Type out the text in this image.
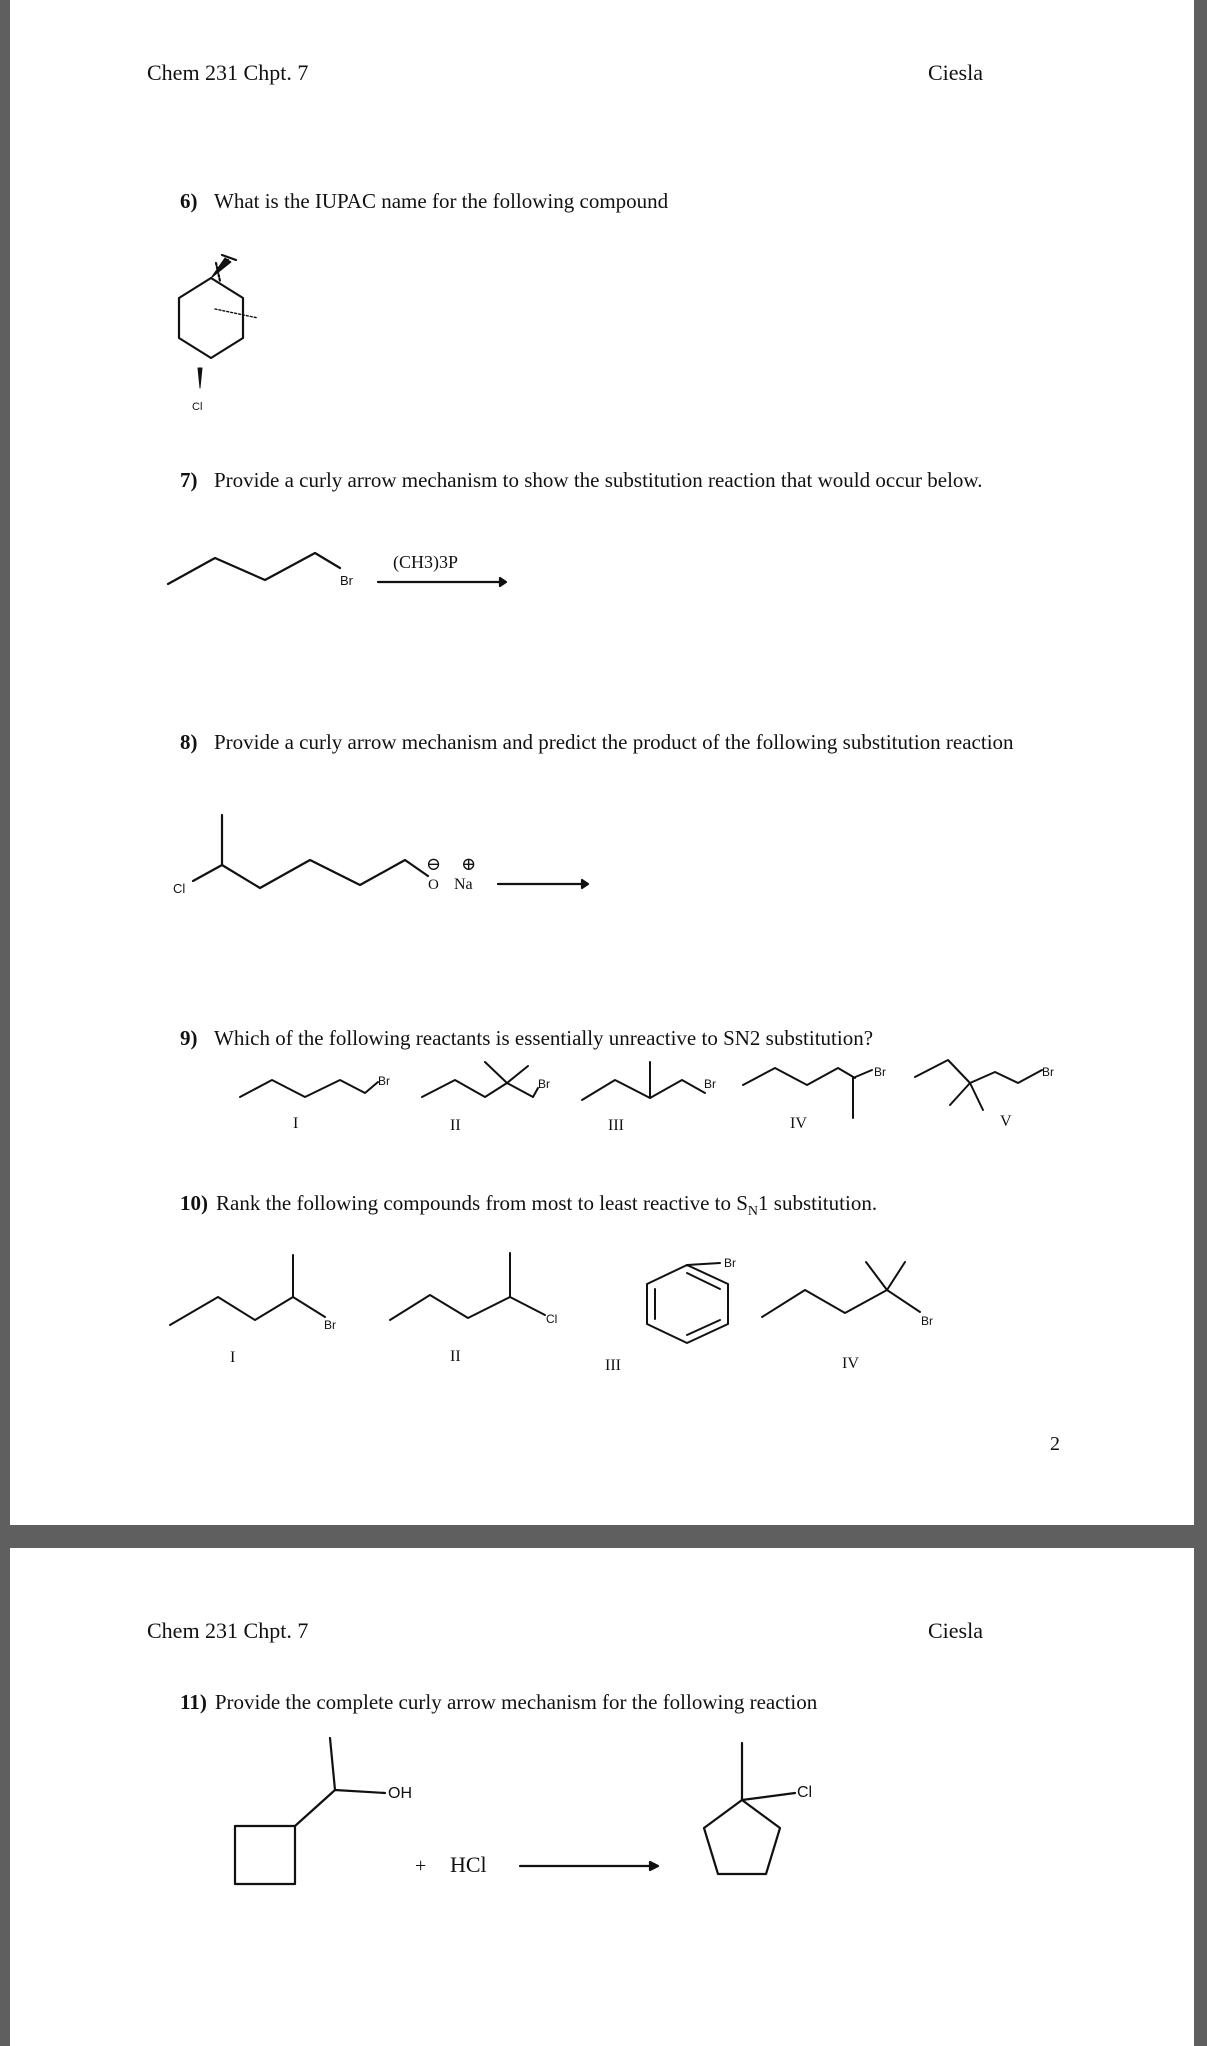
Chem 231 Chpt. 7	Ciesla
6) What is the IUPAC name for the following compound
7) Provide a curly arrow mechanism to show the substitution reaction that would occur below.
8) Provide a curly arrow mechanism and predict the product of the following substitution reaction
9) Which of the following reactants is essentially unreactive to SN2 substitution?
10) Rank the following compounds from most to least reactive to $S_N1$ substitution.
2
Cl
Br
(CH3)3P
Cl	O
⊖
Na
⊕
Br
I
Br
II
Br
III
Br
IV
Br
V
Br
I
Cl
II
Br
III
Br
IV
Chem 231 Chpt. 7	Ciesla
11) Provide the complete curly arrow mechanism for the following reaction
OH
+ HCl
Cl
